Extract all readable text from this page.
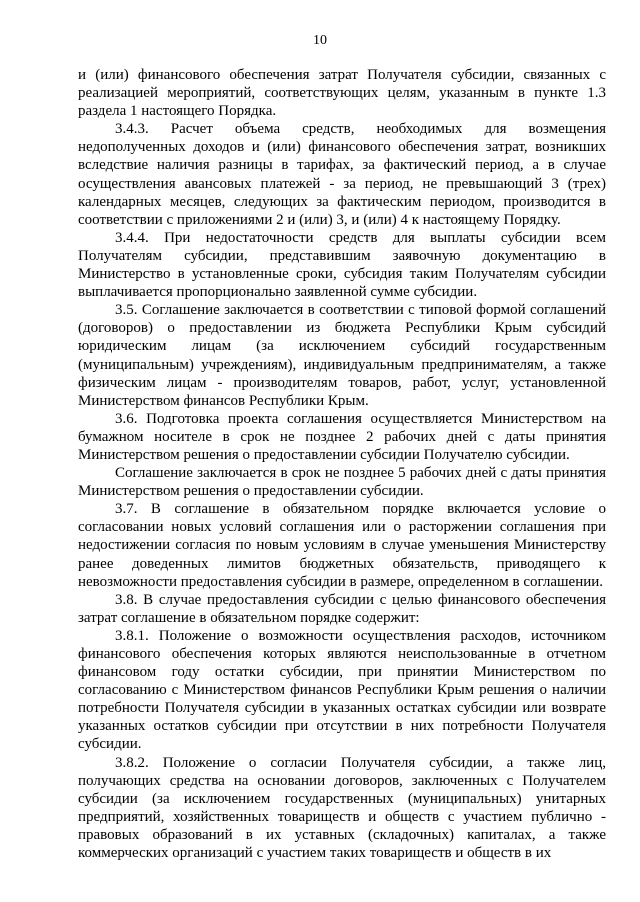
10

и (или) финансового обеспечения затрат Получателя субсидии, связанных с реализацией мероприятий, соответствующих целям, указанным в пункте 1.3 раздела 1 настоящего Порядка.

3.4.3. Расчет объема средств, необходимых для возмещения недополученных доходов и (или) финансового обеспечения затрат, возникших вследствие наличия разницы в тарифах, за фактический период, а в случае осуществления авансовых платежей - за период, не превышающий 3 (трех) календарных месяцев, следующих за фактическим периодом, производится в соответствии с приложениями 2 и (или) 3, и (или) 4 к настоящему Порядку.

3.4.4. При недостаточности средств для выплаты субсидии всем Получателям субсидии, представившим заявочную документацию в Министерство в установленные сроки, субсидия таким Получателям субсидии выплачивается пропорционально заявленной сумме субсидии.

3.5. Соглашение заключается в соответствии с типовой формой соглашений (договоров) о предоставлении из бюджета Республики Крым субсидий юридическим лицам (за исключением субсидий государственным (муниципальным) учреждениям), индивидуальным предпринимателям, а также физическим лицам - производителям товаров, работ, услуг, установленной Министерством финансов Республики Крым.

3.6. Подготовка проекта соглашения осуществляется Министерством на бумажном носителе в срок не позднее 2 рабочих дней с даты принятия Министерством решения о предоставлении субсидии Получателю субсидии.

Соглашение заключается в срок не позднее 5 рабочих дней с даты принятия Министерством решения о предоставлении субсидии.

3.7. В соглашение в обязательном порядке включается условие о согласовании новых условий соглашения или о расторжении соглашения при недостижении согласия по новым условиям в случае уменьшения Министерству ранее доведенных лимитов бюджетных обязательств, приводящего к невозможности предоставления субсидии в размере, определенном в соглашении.

3.8. В случае предоставления субсидии с целью финансового обеспечения затрат соглашение в обязательном порядке содержит:

3.8.1. Положение о возможности осуществления расходов, источником финансового обеспечения которых являются неиспользованные в отчетном финансовом году остатки субсидии, при принятии Министерством по согласованию с Министерством финансов Республики Крым решения о наличии потребности Получателя субсидии в указанных остатках субсидии или возврате указанных остатков субсидии при отсутствии в них потребности Получателя субсидии.

3.8.2. Положение о согласии Получателя субсидии, а также лиц, получающих средства на основании договоров, заключенных с Получателем субсидии (за исключением государственных (муниципальных) унитарных предприятий, хозяйственных товариществ и обществ с участием публично - правовых образований в их уставных (складочных) капиталах, а также коммерческих организаций с участием таких товариществ и обществ в их
